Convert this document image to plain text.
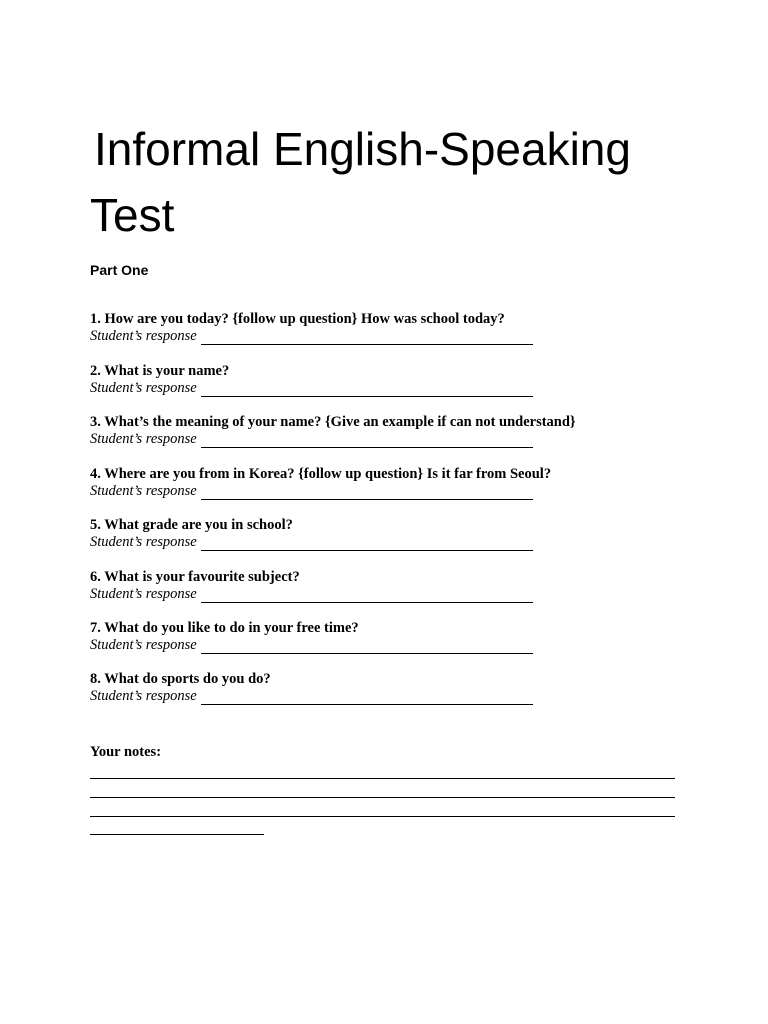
Informal English-Speaking
Test

Part One

1. How are you today? {follow up question} How was school today?
Student’s response
2. What is your name?
Student’s response
3. What’s the meaning of your name? {Give an example if can not understand}
Student’s response
4. Where are you from in Korea? {follow up question} Is it far from Seoul?
Student’s response
5. What grade are you in school?
Student’s response
6. What is your favourite subject?
Student’s response
7. What do you like to do in your free time?
Student’s response
8. What do sports do you do?
Student’s response

Your notes:
